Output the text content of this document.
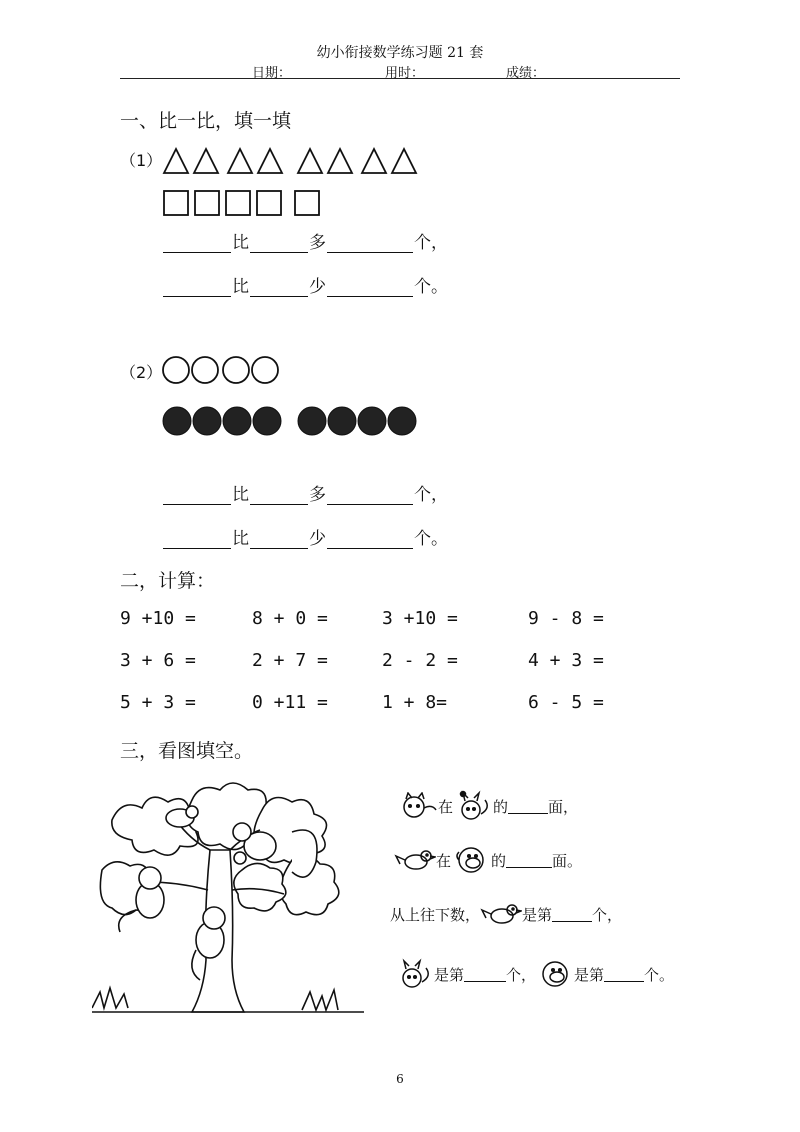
幼小衔接数学练习题 21 套
日期：	用时：	成绩：
一、比一比，填一填
（1）
比	多	个，
比	少	个。
（2）
比	多	个，
比	少	个。
二，计算：
9 +10 =	8 + 0 =	3 +10 =	9 - 8 =
3 + 6 =	2 + 7 =	2 - 2 =	4 + 3 =
5 + 3 =	0 +11 =	1 + 8=	6 - 5 =
三，看图填空。
在	的	面，
在	的	面。
从上往下数，	是第	个，
是第	个，	是第	个。
6
